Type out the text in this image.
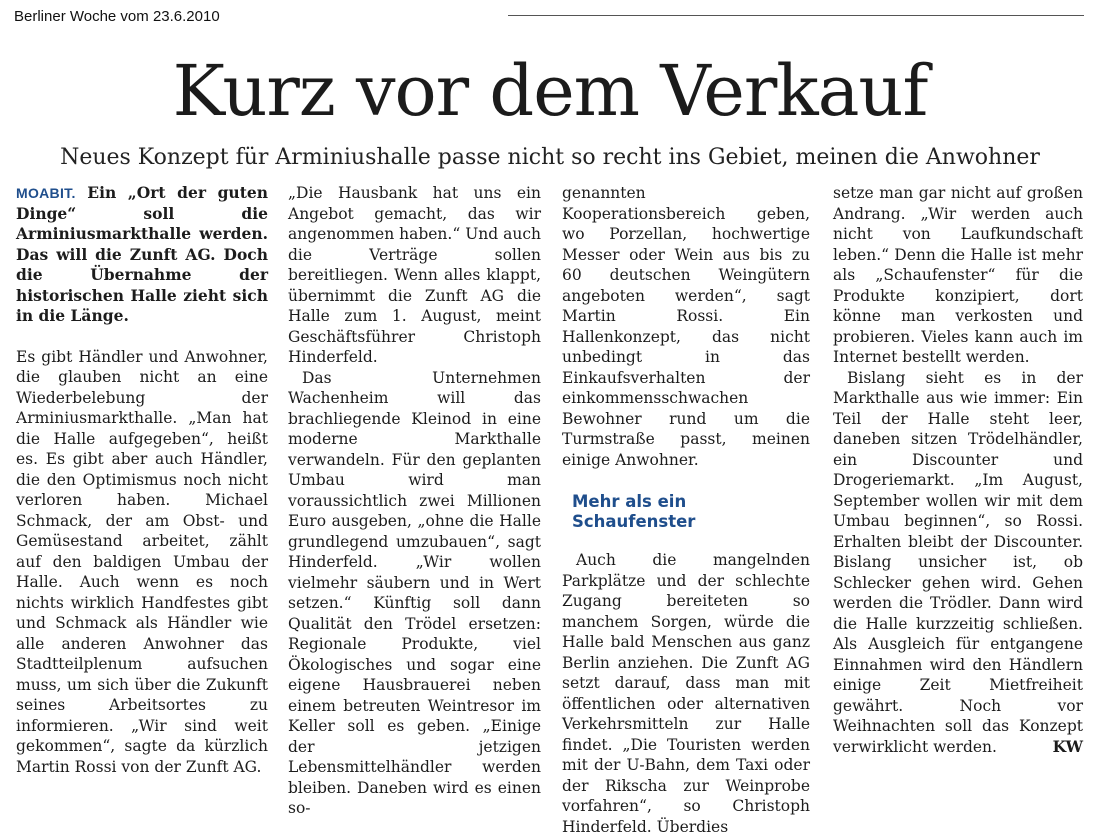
Berliner Woche vom 23.6.2010
Kurz vor dem Verkauf
Neues Konzept für Arminiushalle passe nicht so recht ins Gebiet, meinen die Anwohner

MOABIT. Ein „Ort der guten Dinge“ soll die Arminiusmarkthalle werden. Das will die Zunft AG. Doch die Übernahme der historischen Halle zieht sich in die Länge.

Es gibt Händler und Anwohner, die glauben nicht an eine Wiederbelebung der Arminiusmarkthalle. „Man hat die Halle aufgegeben“, heißt es. Es gibt aber auch Händler, die den Optimismus noch nicht verloren haben. Michael Schmack, der am Obst- und Gemüsestand arbeitet, zählt auf den baldigen Umbau der Halle. Auch wenn es noch nichts wirklich Handfestes gibt und Schmack als Händler wie alle anderen Anwohner das Stadtteilplenum aufsuchen muss, um sich über die Zukunft seines Arbeitsortes zu informieren. „Wir sind weit gekommen“, sagte da kürzlich Martin Rossi von der Zunft AG.

„Die Hausbank hat uns ein Angebot gemacht, das wir angenommen haben.“ Und auch die Verträge sollen bereitliegen. Wenn alles klappt, übernimmt die Zunft AG die Halle zum 1. August, meint Geschäftsführer Christoph Hinderfeld.

Das Unternehmen Wachenheim will das brachliegende Kleinod in eine moderne Markthalle verwandeln. Für den geplanten Umbau wird man voraussichtlich zwei Millionen Euro ausgeben, „ohne die Halle grundlegend umzubauen“, sagt Hinderfeld. „Wir wollen vielmehr säubern und in Wert setzen.“ Künftig soll dann Qualität den Trödel ersetzen: Regionale Produkte, viel Ökologisches und sogar eine eigene Hausbrauerei neben einem betreuten Weintresor im Keller soll es geben. „Einige der jetzigen Lebensmittelhändler werden bleiben. Daneben wird es einen so-

genannten Kooperationsbereich geben, wo Porzellan, hochwertige Messer oder Wein aus bis zu 60 deutschen Weingütern angeboten werden“, sagt Martin Rossi. Ein Hallenkonzept, das nicht unbedingt in das Einkaufsverhalten der einkommensschwachen Bewohner rund um die Turmstraße passt, meinen einige Anwohner.

Mehr als ein Schaufenster

Auch die mangelnden Parkplätze und der schlechte Zugang bereiteten so manchem Sorgen, würde die Halle bald Menschen aus ganz Berlin anziehen. Die Zunft AG setzt darauf, dass man mit öffentlichen oder alternativen Verkehrsmitteln zur Halle findet. „Die Touristen werden mit der U-Bahn, dem Taxi oder der Rikscha zur Weinprobe vorfahren“, so Christoph Hinderfeld. Überdies

setze man gar nicht auf großen Andrang. „Wir werden auch nicht von Laufkundschaft leben.“ Denn die Halle ist mehr als „Schaufenster“ für die Produkte konzipiert, dort könne man verkosten und probieren. Vieles kann auch im Internet bestellt werden.

Bislang sieht es in der Markthalle aus wie immer: Ein Teil der Halle steht leer, daneben sitzen Trödelhändler, ein Discounter und Drogeriemarkt. „Im August, September wollen wir mit dem Umbau beginnen“, so Rossi. Erhalten bleibt der Discounter. Bislang unsicher ist, ob Schlecker gehen wird. Gehen werden die Trödler. Dann wird die Halle kurzzeitig schließen. Als Ausgleich für entgangene Einnahmen wird den Händlern einige Zeit Mietfreiheit gewährt. Noch vor Weihnachten soll das Konzept verwirklicht werden.	KW
